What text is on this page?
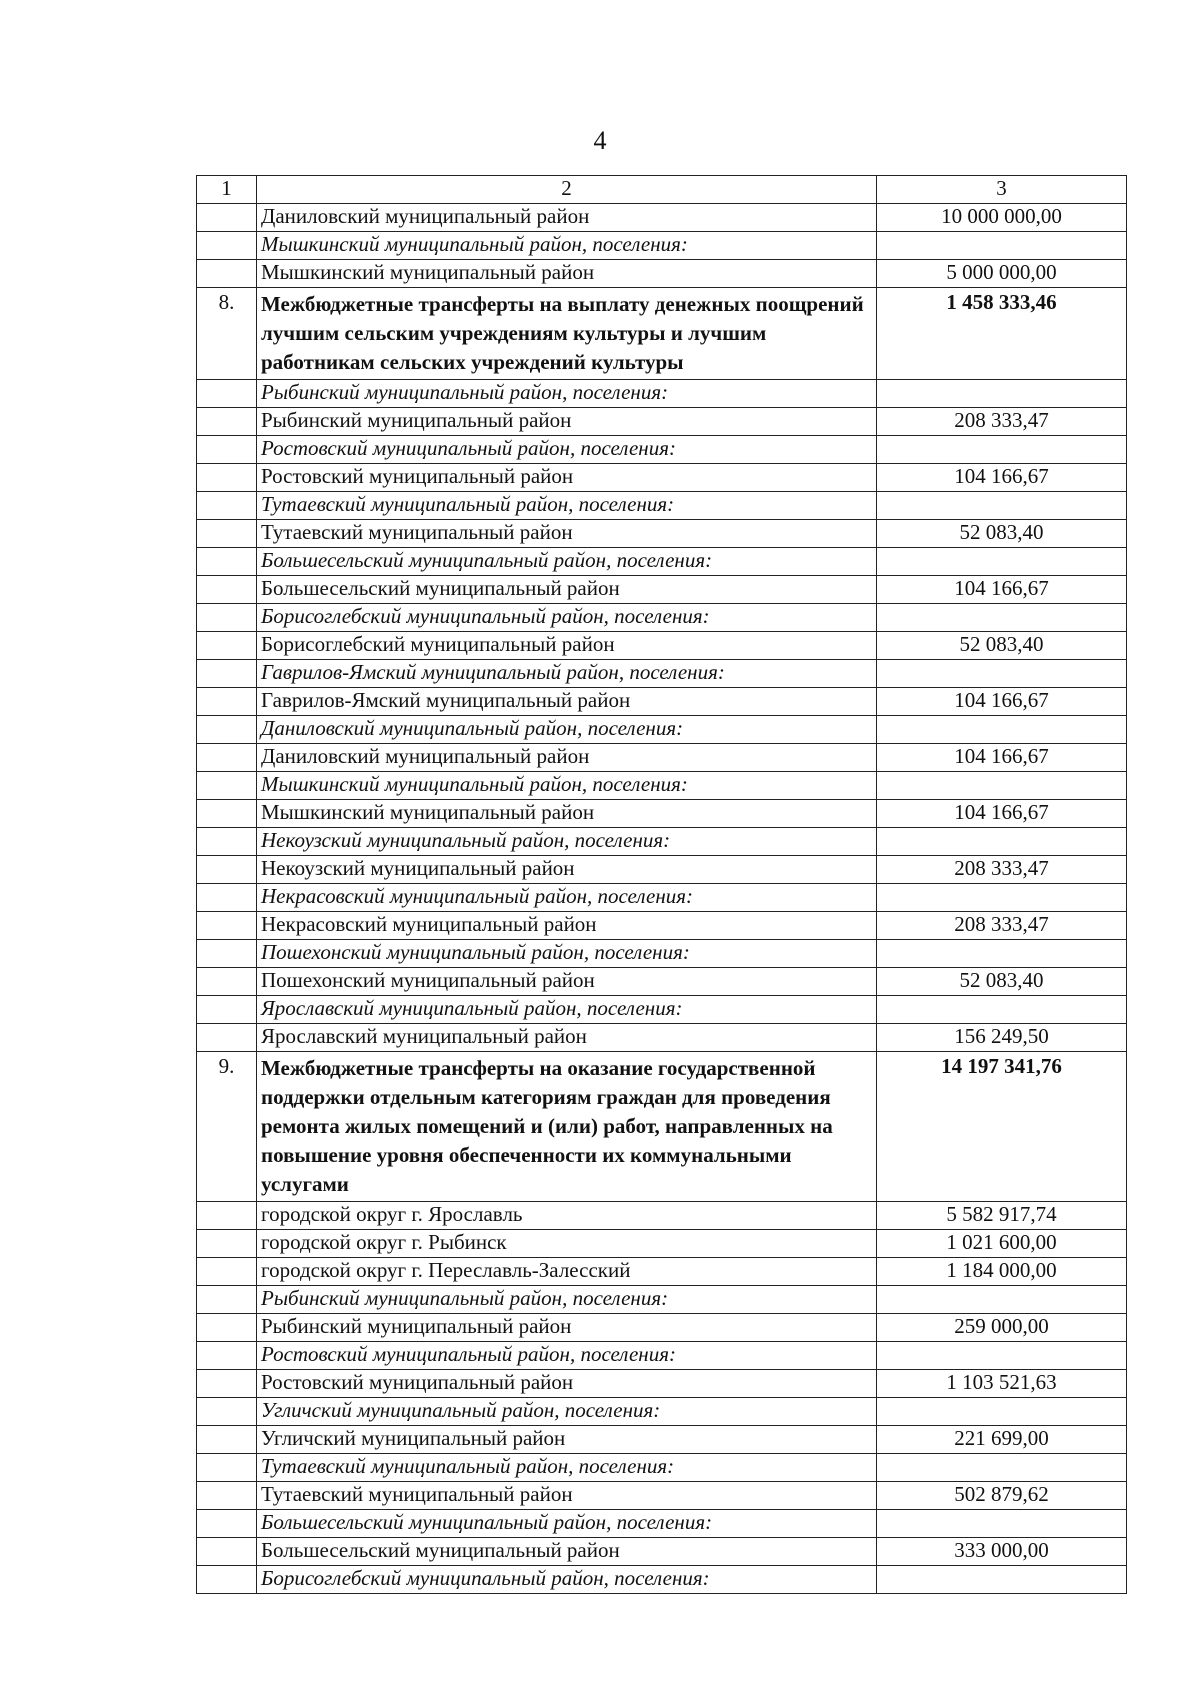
4
1	2	3
	Даниловский муниципальный район	10 000 000,00
	Мышкинский муниципальный район, поселения:	
	Мышкинский муниципальный район	5 000 000,00
8.	Межбюджетные трансферты на выплату денежных поощрений лучшим сельским учреждениям культуры и лучшим работникам сельских учреждений культуры	1 458 333,46
	Рыбинский муниципальный район, поселения:	
	Рыбинский муниципальный район	208 333,47
	Ростовский муниципальный район, поселения:	
	Ростовский муниципальный район	104 166,67
	Тутаевский муниципальный район, поселения:	
	Тутаевский муниципальный район	52 083,40
	Большесельский муниципальный район, поселения:	
	Большесельский муниципальный район	104 166,67
	Борисоглебский муниципальный район, поселения:	
	Борисоглебский муниципальный район	52 083,40
	Гаврилов-Ямский муниципальный район, поселения:	
	Гаврилов-Ямский муниципальный район	104 166,67
	Даниловский муниципальный район, поселения:	
	Даниловский муниципальный район	104 166,67
	Мышкинский муниципальный район, поселения:	
	Мышкинский муниципальный район	104 166,67
	Некоузский муниципальный район, поселения:	
	Некоузский муниципальный район	208 333,47
	Некрасовский муниципальный район, поселения:	
	Некрасовский муниципальный район	208 333,47
	Пошехонский муниципальный район, поселения:	
	Пошехонский муниципальный район	52 083,40
	Ярославский муниципальный район, поселения:	
	Ярославский муниципальный район	156 249,50
9.	Межбюджетные трансферты на оказание государственной поддержки отдельным категориям граждан для проведения ремонта жилых помещений и (или) работ, направленных на повышение уровня обеспеченности их коммунальными услугами	14 197 341,76
	городской округ г. Ярославль	5 582 917,74
	городской округ г. Рыбинск	1 021 600,00
	городской округ г. Переславль-Залесский	1 184 000,00
	Рыбинский муниципальный район, поселения:	
	Рыбинский муниципальный район	259 000,00
	Ростовский муниципальный район, поселения:	
	Ростовский муниципальный район	1 103 521,63
	Угличский муниципальный район, поселения:	
	Угличский муниципальный район	221 699,00
	Тутаевский муниципальный район, поселения:	
	Тутаевский муниципальный район	502 879,62
	Большесельский муниципальный район, поселения:	
	Большесельский муниципальный район	333 000,00
	Борисоглебский муниципальный район, поселения:	
